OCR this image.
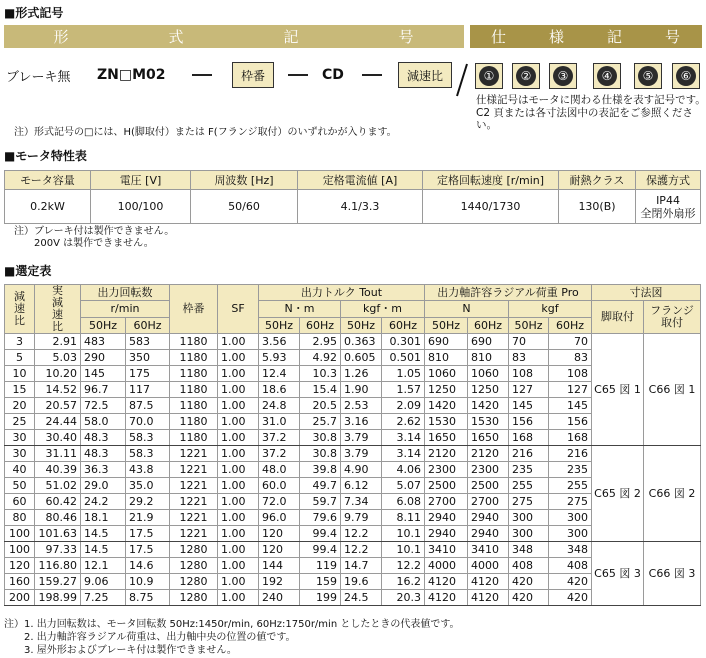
■形式記号
形	式	記	号	仕	様	記	号
ブレーキ無 ZN□M02	枠番	CD	減速比	①	②	③	④	⑤	⑥
仕様記号はモータに関わる仕様を表す記号です。
C2 頁または各寸法図中の表記をご参照ください。
注）形式記号の□には、H(脚取付）または F(フランジ取付）のいずれかが入ります。
■モータ特性表
モータ容量	電圧 [V]	周波数 [Hz]	定格電流値 [A]	定格回転速度 [r/min]	耐熱クラス	保護方式
0.2kW	100/100	50/60	4.1/3.3	1440/1730	130(B)	IP44
全閉外扇形
注）ブレーキ付は製作できません。
200V は製作できません。
■選定表
減
速
比	実
減
速
比	出力回転数		枠番	SF	出力トルク Tout				出力軸許容ラジアル荷重 Pro				寸法図	
		r/min				N・m		kgf・m		N		kgf		脚取付	フランジ
取付
		50Hz	60Hz			50Hz	60Hz	50Hz	60Hz	50Hz	60Hz	50Hz	60Hz		
3	2.91	483	583	1180	1.00	3.56	2.95	0.363	0.301	690	690	70	70	C65 図 1	C66 図 1
5	5.03	290	350	1180	1.00	5.93	4.92	0.605	0.501	810	810	83	83		
10	10.20	145	175	1180	1.00	12.4	10.3	1.26	1.05	1060	1060	108	108		
15	14.52	96.7	117	1180	1.00	18.6	15.4	1.90	1.57	1250	1250	127	127		
20	20.57	72.5	87.5	1180	1.00	24.8	20.5	2.53	2.09	1420	1420	145	145		
25	24.44	58.0	70.0	1180	1.00	31.0	25.7	3.16	2.62	1530	1530	156	156		
30	30.40	48.3	58.3	1180	1.00	37.2	30.8	3.79	3.14	1650	1650	168	168		
30	31.11	48.3	58.3	1221	1.00	37.2	30.8	3.79	3.14	2120	2120	216	216	C65 図 2	C66 図 2
40	40.39	36.3	43.8	1221	1.00	48.0	39.8	4.90	4.06	2300	2300	235	235		
50	51.02	29.0	35.0	1221	1.00	60.0	49.7	6.12	5.07	2500	2500	255	255		
60	60.42	24.2	29.2	1221	1.00	72.0	59.7	7.34	6.08	2700	2700	275	275		
80	80.46	18.1	21.9	1221	1.00	96.0	79.6	9.79	8.11	2940	2940	300	300		
100	101.63	14.5	17.5	1221	1.00	120	99.4	12.2	10.1	2940	2940	300	300		
100	97.33	14.5	17.5	1280	1.00	120	99.4	12.2	10.1	3410	3410	348	348	C65 図 3	C66 図 3
120	116.80	12.1	14.6	1280	1.00	144	119	14.7	12.2	4000	4000	408	408		
160	159.27	9.06	10.9	1280	1.00	192	159	19.6	16.2	4120	4120	420	420		
200	198.99	7.25	8.75	1280	1.00	240	199	24.5	20.3	4120	4120	420	420		
注）1. 出力回転数は、モータ回転数 50Hz:1450r/min, 60Hz:1750r/min としたときの代表値です。
2. 出力軸許容ラジアル荷重は、出力軸中央の位置の値です。
3. 屋外形およびブレーキ付は製作できません。
